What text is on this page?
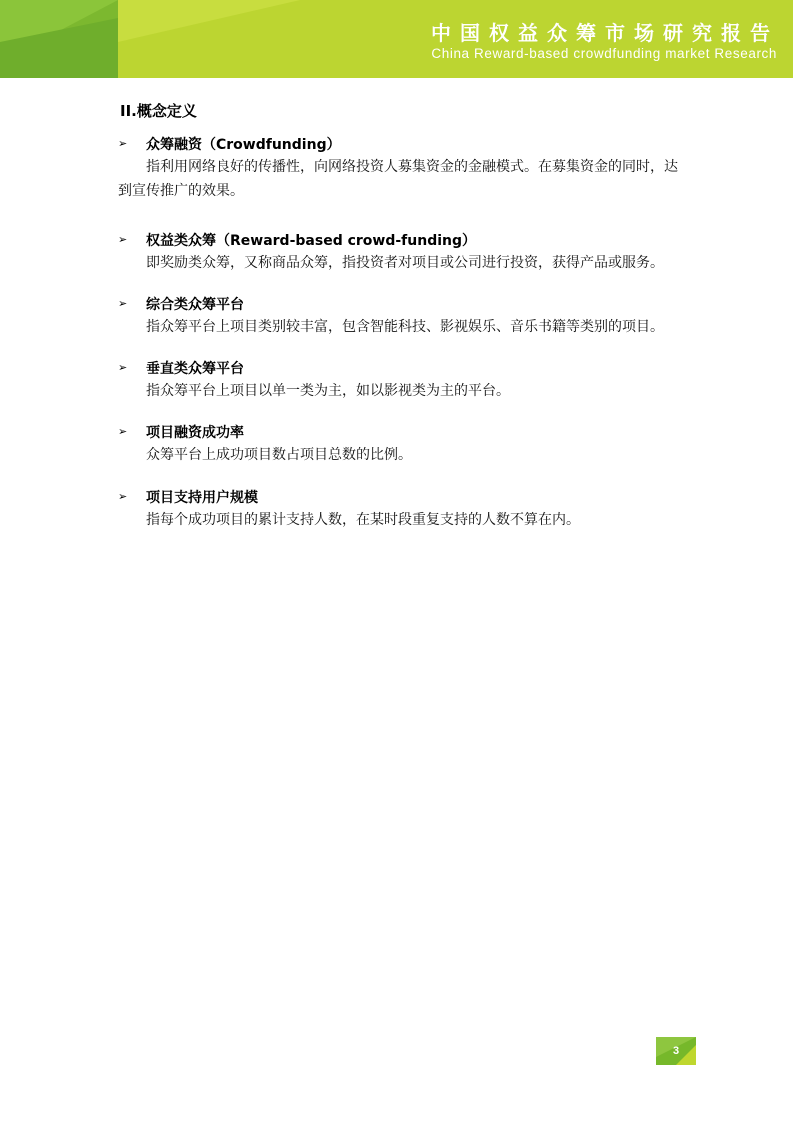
中国权益众筹市场研究报告
China Reward-based crowdfunding market Research
II.概念定义
➢	众筹融资（Crowdfunding）

指利用网络良好的传播性，向网络投资人募集资金的金融模式。在募集资金的同时，达到宣传推广的效果。

➢	权益类众筹（Reward-based crowd-funding）

即奖励类众筹，又称商品众筹，指投资者对项目或公司进行投资，获得产品或服务。

➢	综合类众筹平台

指众筹平台上项目类别较丰富，包含智能科技、影视娱乐、音乐书籍等类别的项目。

➢	垂直类众筹平台

指众筹平台上项目以单一类为主，如以影视类为主的平台。

➢	项目融资成功率

众筹平台上成功项目数占项目总数的比例。

➢	项目支持用户规模

指每个成功项目的累计支持人数，在某时段重复支持的人数不算在内。

3
